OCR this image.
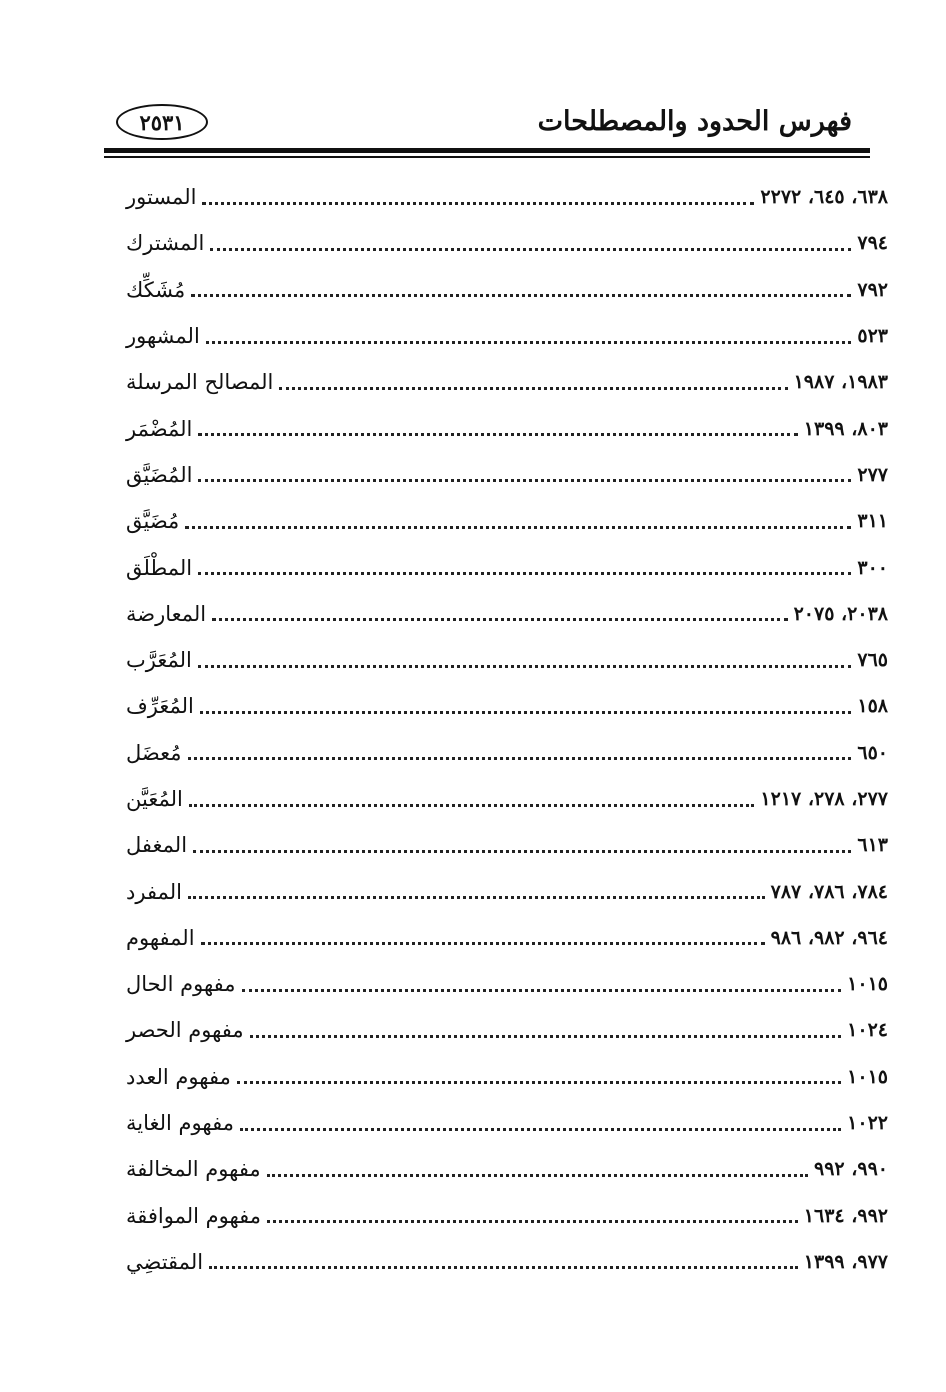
فهرس الحدود والمصطلحات
٢٥٣١
المستور	٦٣٨، ٦٤٥، ٢٢٧٢
المشترك	٧٩٤
مُشَكِّك	٧٩٢
المشهور	٥٢٣
المصالح المرسلة	١٩٨٣، ١٩٨٧
المُضْمَر	٨٠٣، ١٣٩٩
المُضَيَّق	٢٧٧
مُضَيَّق	٣١١
المطْلَق	٣٠٠
المعارضة	٢٠٣٨، ٢٠٧٥
المُعَرَّب	٧٦٥
المُعَرِّف	١٥٨
مُعضَل	٦٥٠
المُعَيَّن	٢٧٧، ٢٧٨، ١٢١٧
المغفل	٦١٣
المفرد	٧٨٤، ٧٨٦، ٧٨٧
المفهوم	٩٦٤، ٩٨٢، ٩٨٦
مفهوم الحال	١٠١٥
مفهوم الحصر	١٠٢٤
مفهوم العدد	١٠١٥
مفهوم الغاية	١٠٢٢
مفهوم المخالفة	٩٩٠، ٩٩٢
مفهوم الموافقة	٩٩٢، ١٦٣٤
المقتضِي	٩٧٧، ١٣٩٩
